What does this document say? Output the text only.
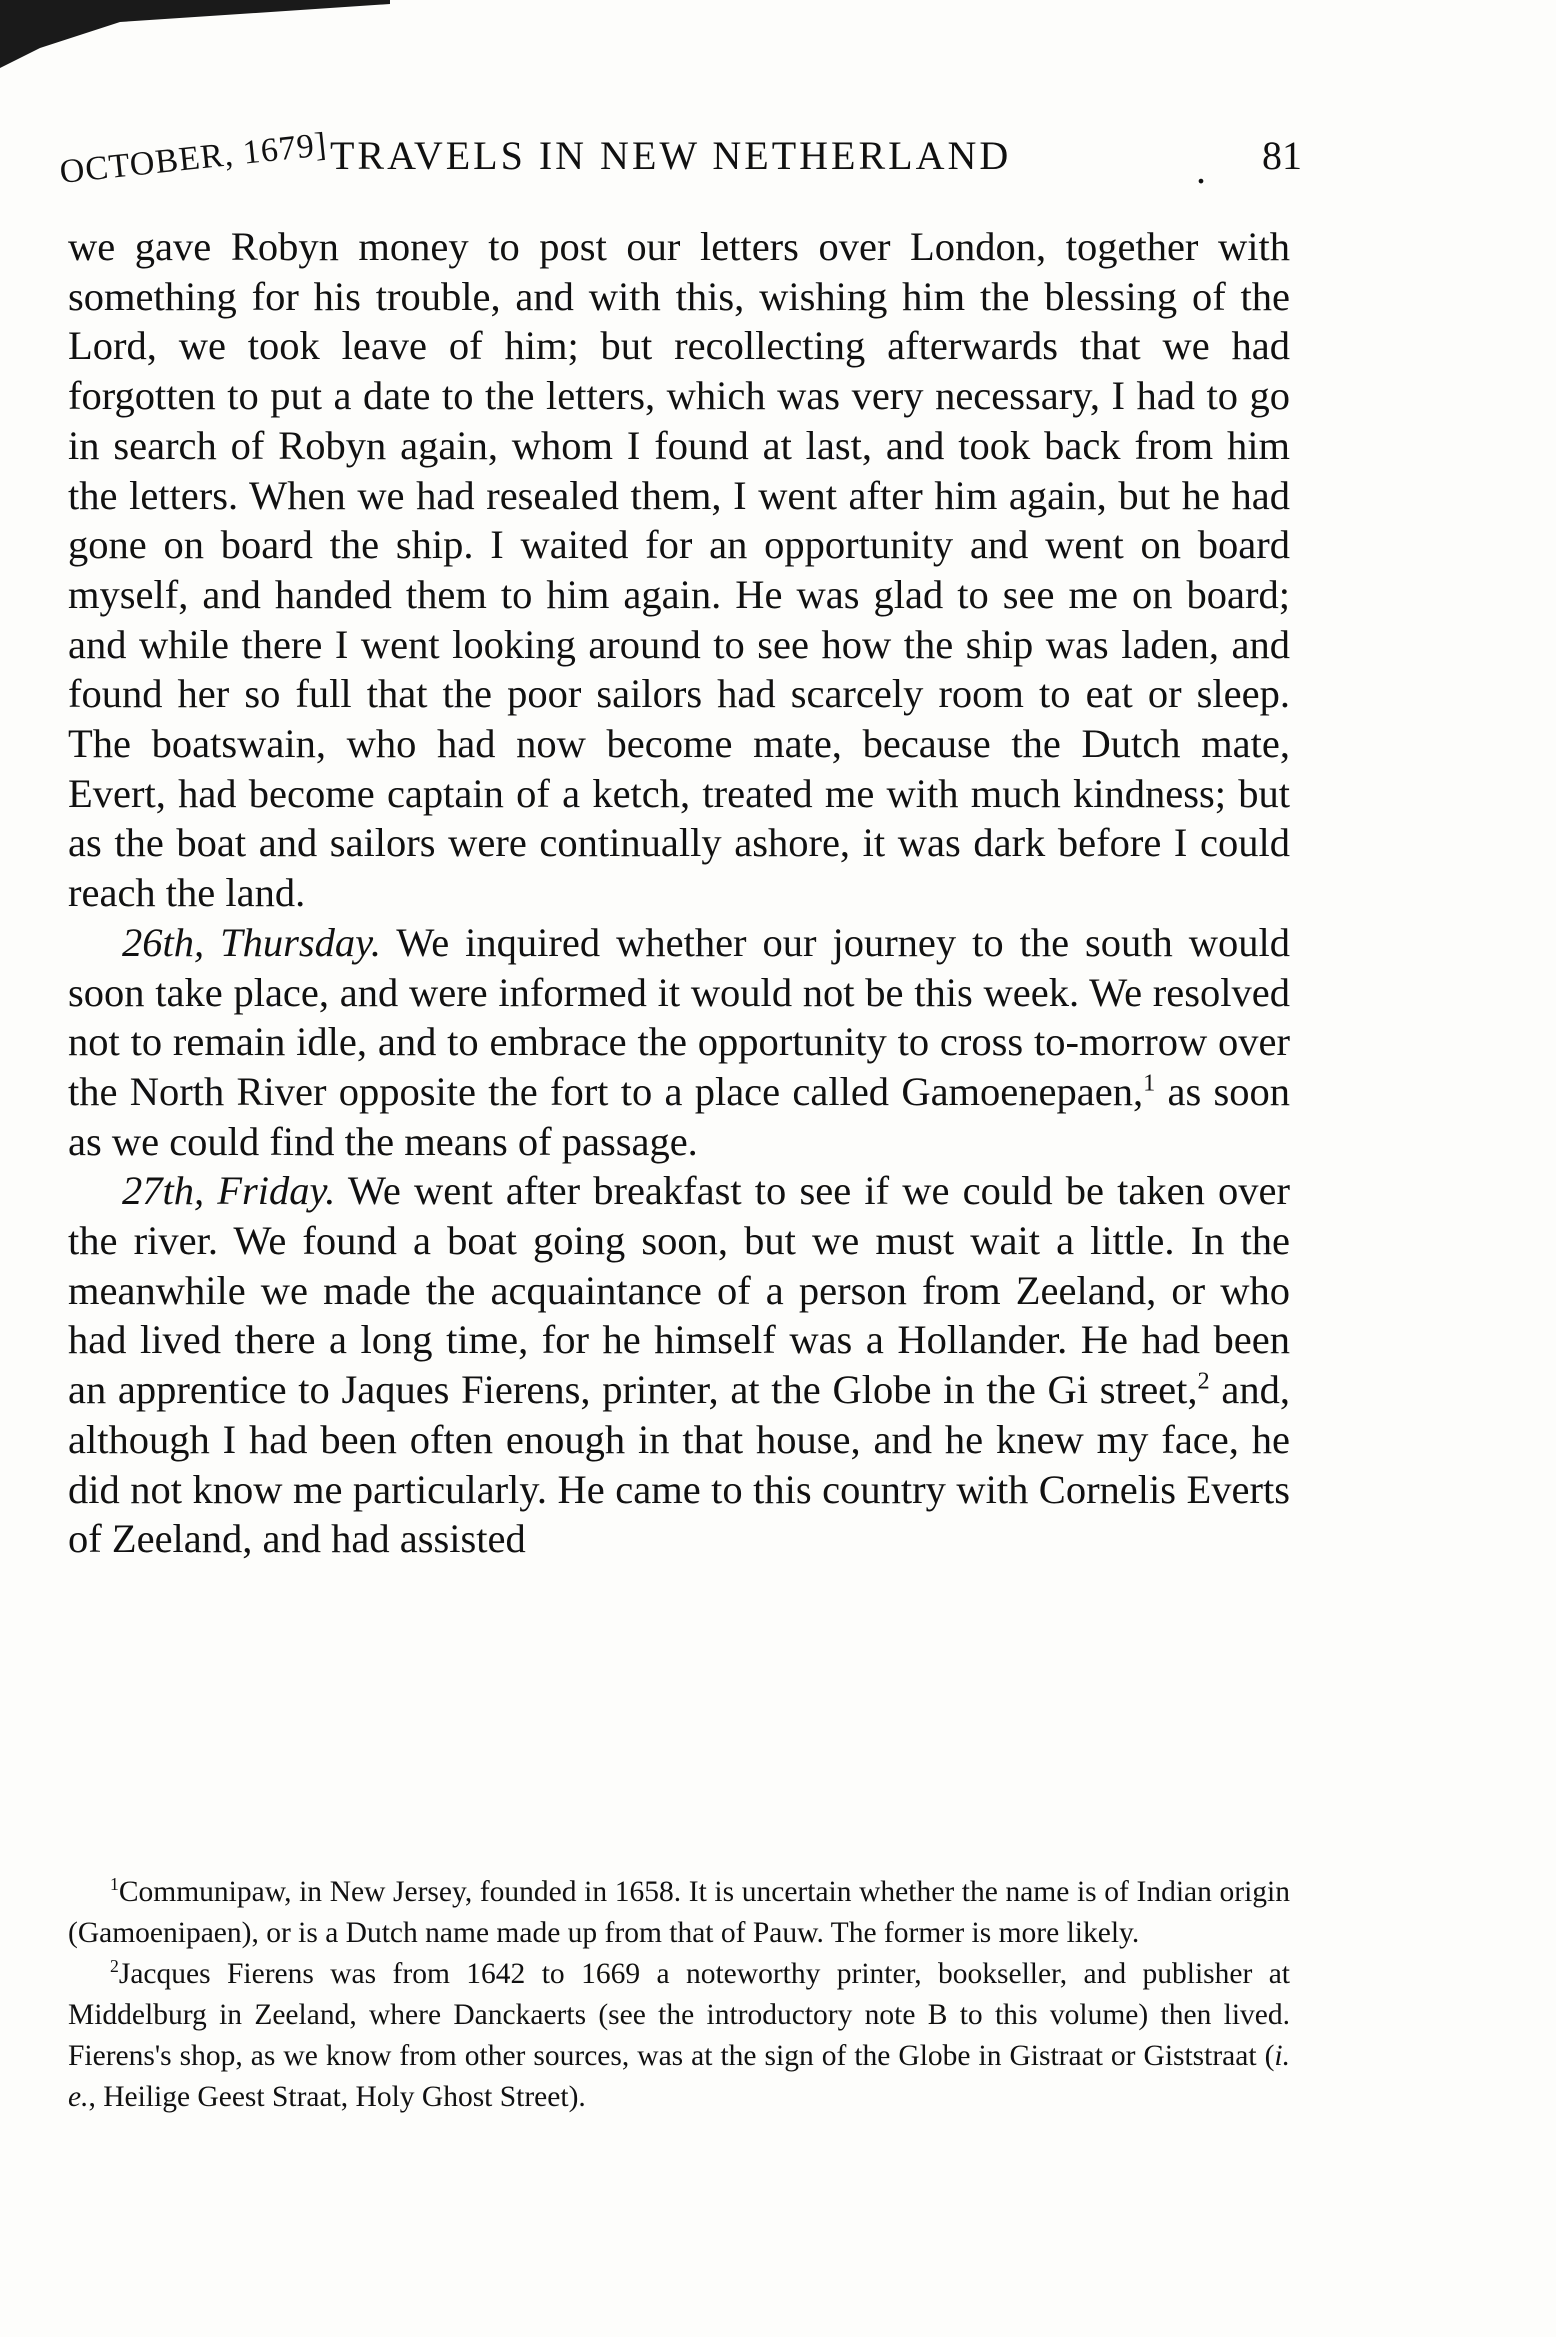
OCTOBER, 1679] TRAVELS IN NEW NETHERLAND	. 81

we gave Robyn money to post our letters over London, together with something for his trouble, and with this, wishing him the blessing of the Lord, we took leave of him; but recollecting afterwards that we had forgotten to put a date to the letters, which was very necessary, I had to go in search of Robyn again, whom I found at last, and took back from him the letters. When we had resealed them, I went after him again, but he had gone on board the ship. I waited for an opportunity and went on board myself, and handed them to him again. He was glad to see me on board; and while there I went looking around to see how the ship was laden, and found her so full that the poor sailors had scarcely room to eat or sleep. The boatswain, who had now become mate, because the Dutch mate, Evert, had become captain of a ketch, treated me with much kindness; but as the boat and sailors were continually ashore, it was dark before I could reach the land.

26th, Thursday. We inquired whether our journey to the south would soon take place, and were informed it would not be this week. We resolved not to remain idle, and to embrace the opportunity to cross to-morrow over the North River opposite the fort to a place called Gamoenepaen,$^1$ as soon as we could find the means of passage.

27th, Friday. We went after breakfast to see if we could be taken over the river. We found a boat going soon, but we must wait a little. In the meanwhile we made the acquaintance of a person from Zeeland, or who had lived there a long time, for he himself was a Hollander. He had been an apprentice to Jaques Fierens, printer, at the Globe in the Gi street,$^2$ and, although I had been often enough in that house, and he knew my face, he did not know me particularly. He came to this country with Cornelis Everts of Zeeland, and had assisted

$^1$Communipaw, in New Jersey, founded in 1658. It is uncertain whether the name is of Indian origin (Gamoenipaen), or is a Dutch name made up from that of Pauw. The former is more likely.

$^2$Jacques Fierens was from 1642 to 1669 a noteworthy printer, bookseller, and publisher at Middelburg in Zeeland, where Danckaerts (see the introductory note B to this volume) then lived. Fierens's shop, as we know from other sources, was at the sign of the Globe in Gistraat or Giststraat (i. e., Heilige Geest Straat, Holy Ghost Street).
